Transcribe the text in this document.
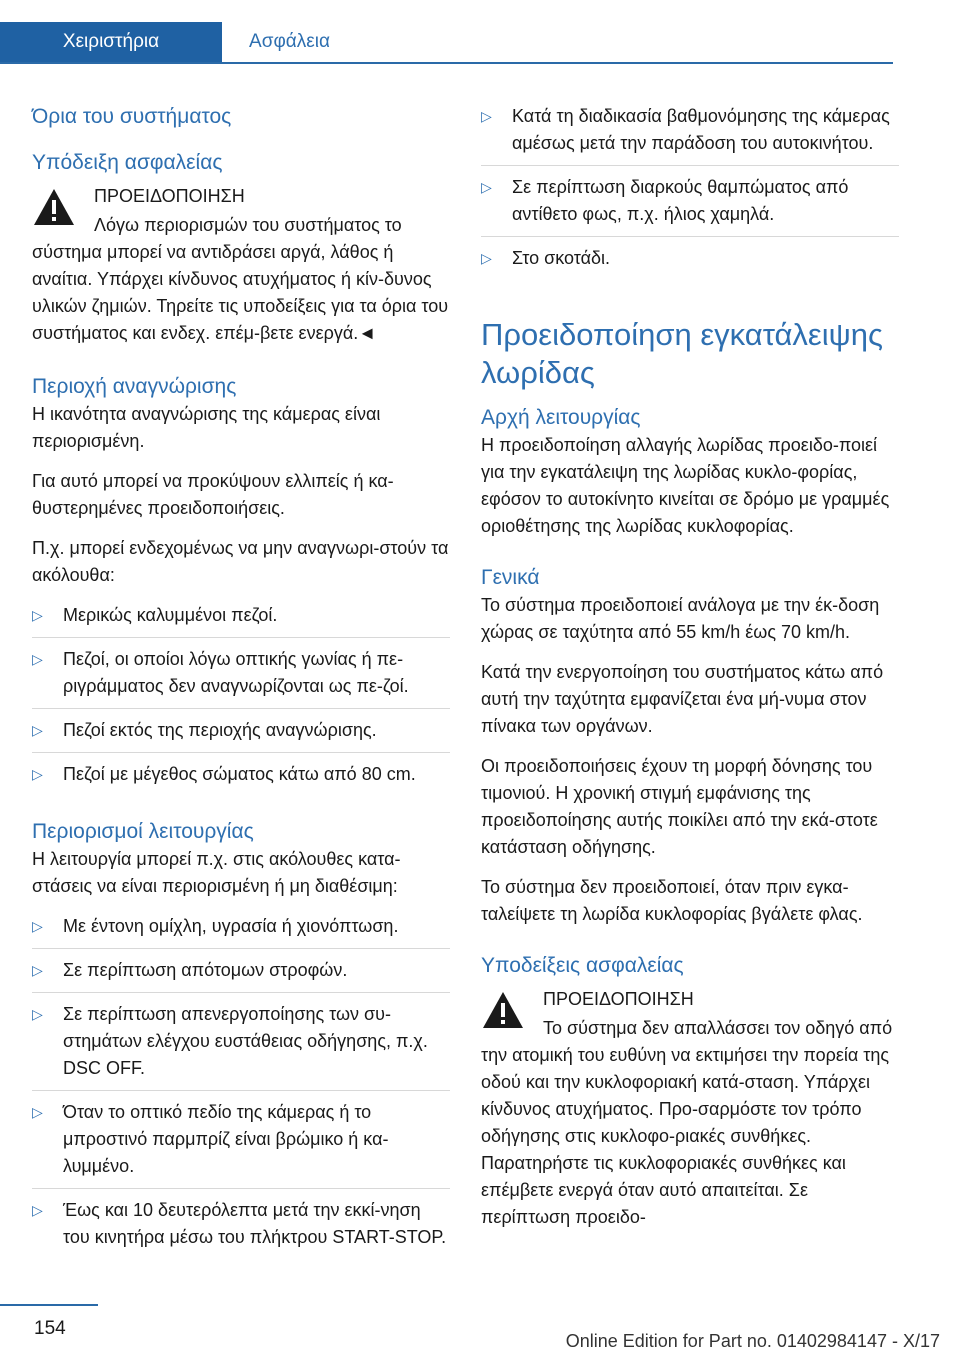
Χειριστήρια	Ασφάλεια
Όρια του συστήματος
Υπόδειξη ασφαλείας

ΠΡΟΕΙΔΟΠΟΙΗΣΗ

Λόγω περιορισμών του συστήματος το σύστημα μπορεί να αντιδράσει αργά, λάθος ή αναίτια. Υπάρχει κίνδυνος ατυχήματος ή κίν-δυνος υλικών ζημιών. Τηρείτε τις υποδείξεις για τα όρια του συστήματος και ενδεχ. επέμ-βετε ενεργά.◄

Περιοχή αναγνώρισης

Η ικανότητα αναγνώρισης της κάμερας είναι περιορισμένη.

Για αυτό μπορεί να προκύψουν ελλιπείς ή κα-θυστερημένες προειδοποιήσεις.

Π.χ. μπορεί ενδεχομένως να μην αναγνωρι-στούν τα ακόλουθα:

▷ Μερικώς καλυμμένοι πεζοί.
▷ Πεζοί, οι οποίοι λόγω οπτικής γωνίας ή πε-ριγράμματος δεν αναγνωρίζονται ως πε-ζοί.
▷ Πεζοί εκτός της περιοχής αναγνώρισης.
▷ Πεζοί με μέγεθος σώματος κάτω από 80 cm.
Περιορισμοί λειτουργίας

Η λειτουργία μπορεί π.χ. στις ακόλουθες κατα-στάσεις να είναι περιορισμένη ή μη διαθέσιμη:

▷ Με έντονη ομίχλη, υγρασία ή χιονόπτωση.
▷ Σε περίπτωση απότομων στροφών.
▷ Σε περίπτωση απενεργοποίησης των συ-στημάτων ελέγχου ευστάθειας οδήγησης, π.χ. DSC OFF.
▷ Όταν το οπτικό πεδίο της κάμερας ή το μπροστινό παρμπρίζ είναι βρώμικο ή κα-λυμμένο.
▷ Έως και 10 δευτερόλεπτα μετά την εκκί-νηση του κινητήρα μέσω του πλήκτρου START-STOP.
▷ Κατά τη διαδικασία βαθμονόμησης της κάμερας αμέσως μετά την παράδοση του αυτοκινήτου.
▷ Σε περίπτωση διαρκούς θαμπώματος από αντίθετο φως, π.χ. ήλιος χαμηλά.
▷ Στο σκοτάδι.
Προειδοποίηση εγκατάλειψης λωρίδας
Αρχή λειτουργίας

Η προειδοποίηση αλλαγής λωρίδας προειδο-ποιεί για την εγκατάλειψη της λωρίδας κυκλο-φορίας, εφόσον το αυτοκίνητο κινείται σε δρόμο με γραμμές οριοθέτησης της λωρίδας κυκλοφορίας.

Γενικά

Το σύστημα προειδοποιεί ανάλογα με την έκ-δοση χώρας σε ταχύτητα από 55 km/h έως 70 km/h.

Κατά την ενεργοποίηση του συστήματος κάτω από αυτή την ταχύτητα εμφανίζεται ένα μή-νυμα στον πίνακα των οργάνων.

Οι προειδοποιήσεις έχουν τη μορφή δόνησης του τιμονιού. Η χρονική στιγμή εμφάνισης της προειδοποίησης αυτής ποικίλει από την εκά-στοτε κατάσταση οδήγησης.

Το σύστημα δεν προειδοποιεί, όταν πριν εγκα-ταλείψετε τη λωρίδα κυκλοφορίας βγάλετε φλας.

Υποδείξεις ασφαλείας

ΠΡΟΕΙΔΟΠΟΙΗΣΗ

Το σύστημα δεν απαλλάσσει τον οδηγό από την ατομική του ευθύνη να εκτιμήσει την πορεία της οδού και την κυκλοφοριακή κατά-σταση. Υπάρχει κίνδυνος ατυχήματος. Προ-σαρμόστε τον τρόπο οδήγησης στις κυκλοφο-ριακές συνθήκες. Παρατηρήστε τις κυκλοφοριακές συνθήκες και επέμβετε ενεργά όταν αυτό απαιτείται. Σε περίπτωση προειδο-

154
Online Edition for Part no. 01402984147 - X/17
